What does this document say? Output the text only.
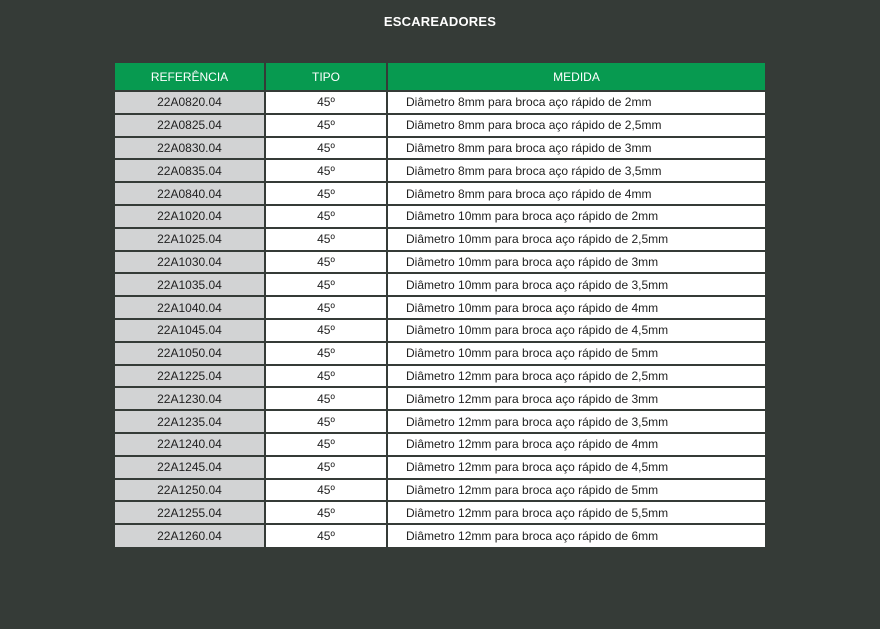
ESCAREADORES
REFERÊNCIA	TIPO	MEDIDA
22A0820.04	45º	Diâmetro 8mm para broca aço rápido de 2mm
22A0825.04	45º	Diâmetro 8mm para broca aço rápido de 2,5mm
22A0830.04	45º	Diâmetro 8mm para broca aço rápido de 3mm
22A0835.04	45º	Diâmetro 8mm para broca aço rápido de 3,5mm
22A0840.04	45º	Diâmetro 8mm para broca aço rápido de 4mm
22A1020.04	45º	Diâmetro 10mm para broca aço rápido de 2mm
22A1025.04	45º	Diâmetro 10mm para broca aço rápido de 2,5mm
22A1030.04	45º	Diâmetro 10mm para broca aço rápido de 3mm
22A1035.04	45º	Diâmetro 10mm para broca aço rápido de 3,5mm
22A1040.04	45º	Diâmetro 10mm para broca aço rápido de 4mm
22A1045.04	45º	Diâmetro 10mm para broca aço rápido de 4,5mm
22A1050.04	45º	Diâmetro 10mm para broca aço rápido de 5mm
22A1225.04	45º	Diâmetro 12mm para broca aço rápido de 2,5mm
22A1230.04	45º	Diâmetro 12mm para broca aço rápido de 3mm
22A1235.04	45º	Diâmetro 12mm para broca aço rápido de 3,5mm
22A1240.04	45º	Diâmetro 12mm para broca aço rápido de 4mm
22A1245.04	45º	Diâmetro 12mm para broca aço rápido de 4,5mm
22A1250.04	45º	Diâmetro 12mm para broca aço rápido de 5mm
22A1255.04	45º	Diâmetro 12mm para broca aço rápido de 5,5mm
22A1260.04	45º	Diâmetro 12mm para broca aço rápido de 6mm
